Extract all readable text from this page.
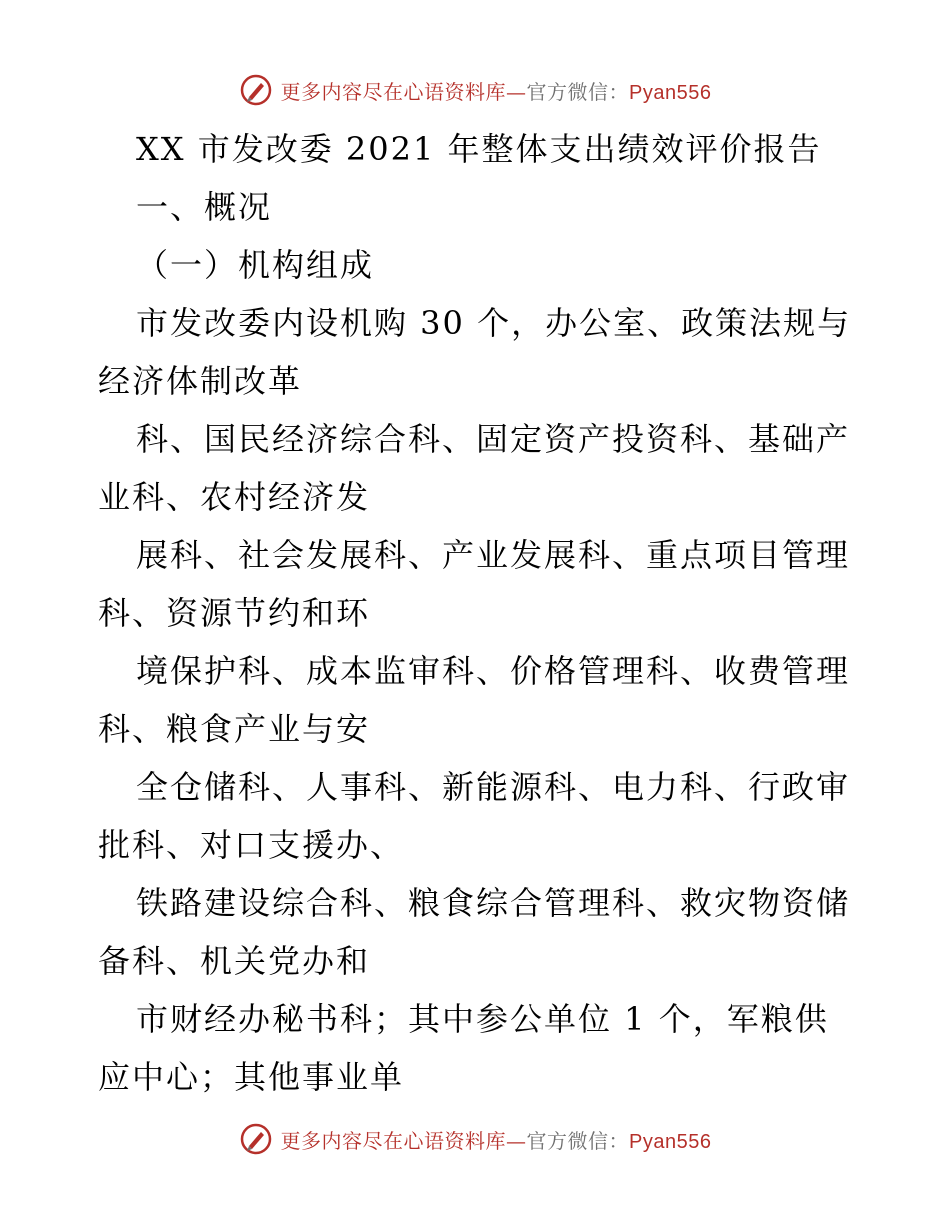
更多内容尽在心语资料库—官方微信：Pyan556
XX 市发改委 2021 年整体支出绩效评价报告
一、概况
（一）机构组成
市发改委内设机购 30 个，办公室、政策法规与
经济体制改革
科、国民经济综合科、固定资产投资科、基础产
业科、农村经济发
展科、社会发展科、产业发展科、重点项目管理
科、资源节约和环
境保护科、成本监审科、价格管理科、收费管理
科、粮食产业与安
全仓储科、人事科、新能源科、电力科、行政审
批科、对口支援办、
铁路建设综合科、粮食综合管理科、救灾物资储
备科、机关党办和
市财经办秘书科；其中参公单位 1 个，军粮供
应中心；其他事业单
更多内容尽在心语资料库—官方微信：Pyan556
